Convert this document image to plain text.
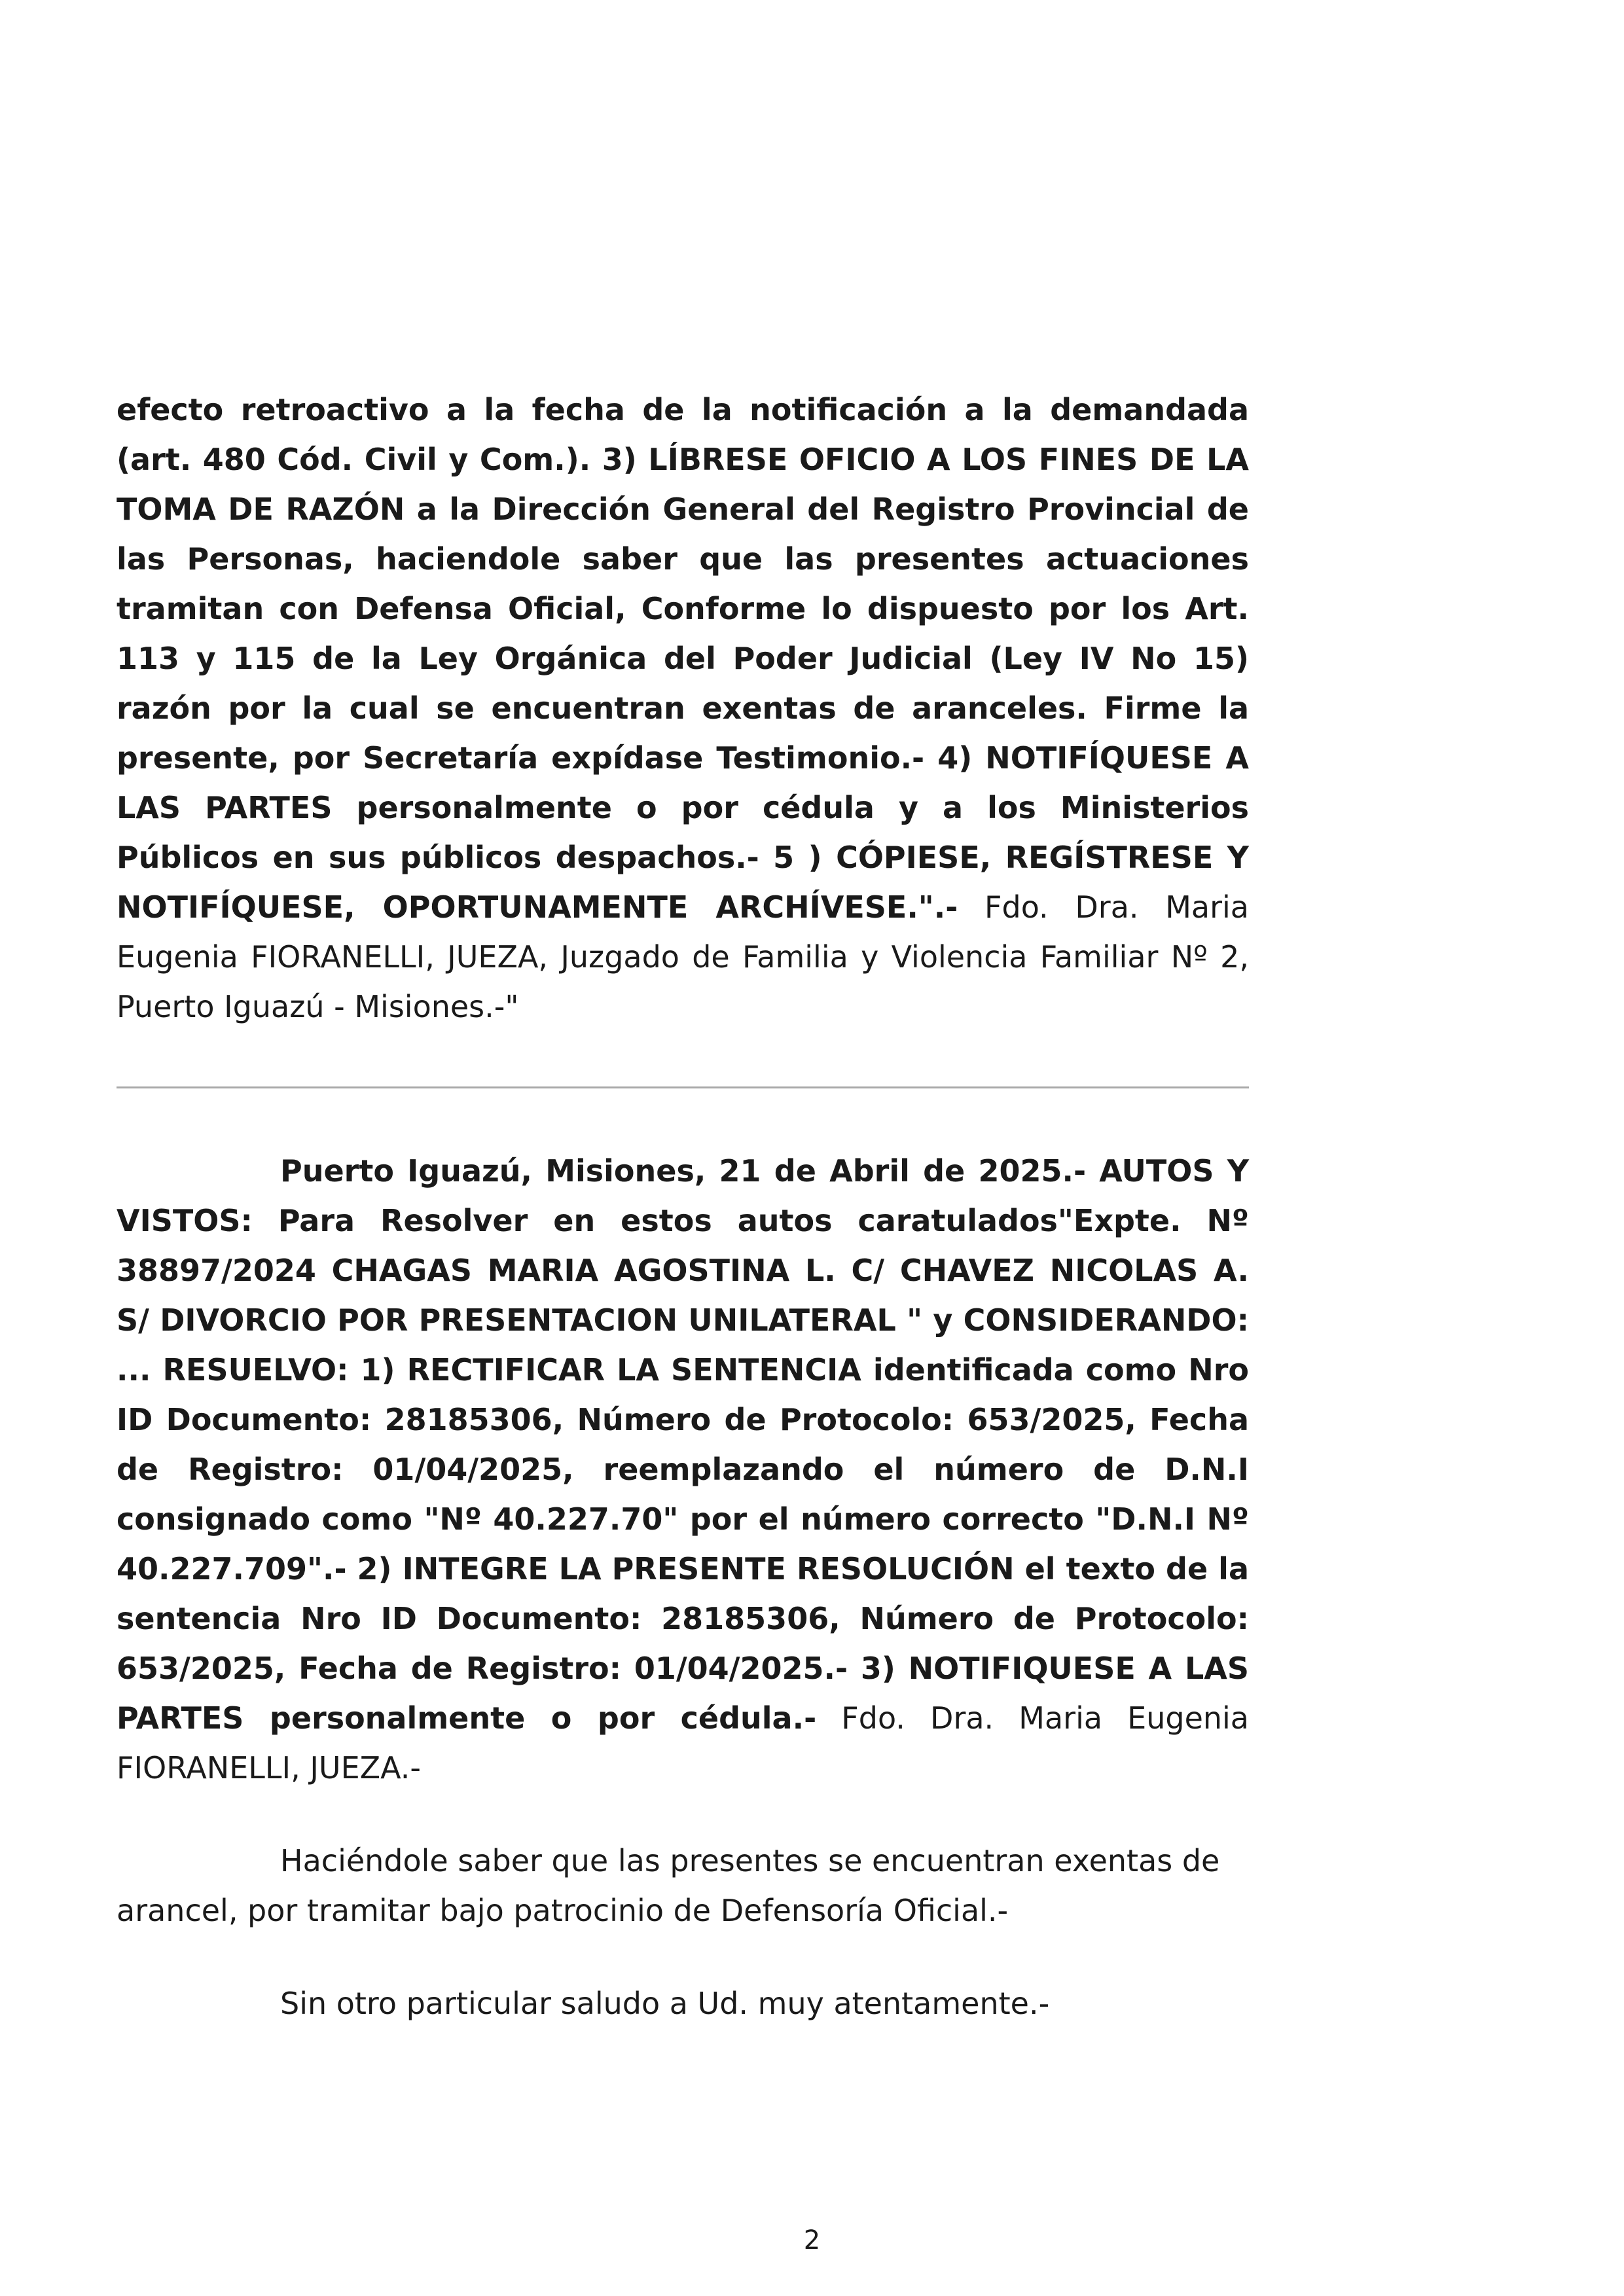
efecto retroactivo a la fecha de la notificación a la demandada (art. 480 Cód. Civil y Com.). 3) LÍBRESE OFICIO A LOS FINES DE LA TOMA DE RAZÓN a la Dirección General del Registro Provincial de las Personas, haciendole saber que las presentes actuaciones tramitan con Defensa Oficial, Conforme lo dispuesto por los Art. 113 y 115 de la Ley Orgánica del Poder Judicial (Ley IV No 15) razón por la cual se encuentran exentas de aranceles. Firme la presente, por Secretaría expídase Testimonio.- 4) NOTIFÍQUESE A LAS PARTES personalmente o por cédula y a los Ministerios Públicos en sus públicos despachos.- 5 ) CÓPIESE, REGÍSTRESE Y NOTIFÍQUESE, OPORTUNAMENTE ARCHÍVESE.".- Fdo. Dra. Maria Eugenia FIORANELLI, JUEZA, Juzgado de Familia y Violencia Familiar Nº 2, Puerto Iguazú - Misiones.-"

Puerto Iguazú, Misiones, 21 de Abril de 2025.- AUTOS Y VISTOS: Para Resolver en estos autos caratulados"Expte. Nº 38897/2024 CHAGAS MARIA AGOSTINA L. C/ CHAVEZ NICOLAS A. S/ DIVORCIO POR PRESENTACION UNILATERAL " y CONSIDERANDO: ... RESUELVO: 1) RECTIFICAR LA SENTENCIA identificada como Nro ID Documento: 28185306, Número de Protocolo: 653/2025, Fecha de Registro: 01/04/2025, reemplazando el número de D.N.I consignado como "Nº 40.227.70" por el número correcto "D.N.I Nº 40.227.709".- 2) INTEGRE LA PRESENTE RESOLUCIÓN el texto de la sentencia Nro ID Documento: 28185306, Número de Protocolo: 653/2025, Fecha de Registro: 01/04/2025.- 3) NOTIFIQUESE A LAS PARTES personalmente o por cédula.- Fdo. Dra. Maria Eugenia FIORANELLI, JUEZA.-

Haciéndole saber que las presentes se encuentran exentas de arancel, por tramitar bajo patrocinio de Defensoría Oficial.-

Sin otro particular saludo a Ud. muy atentamente.-

2
